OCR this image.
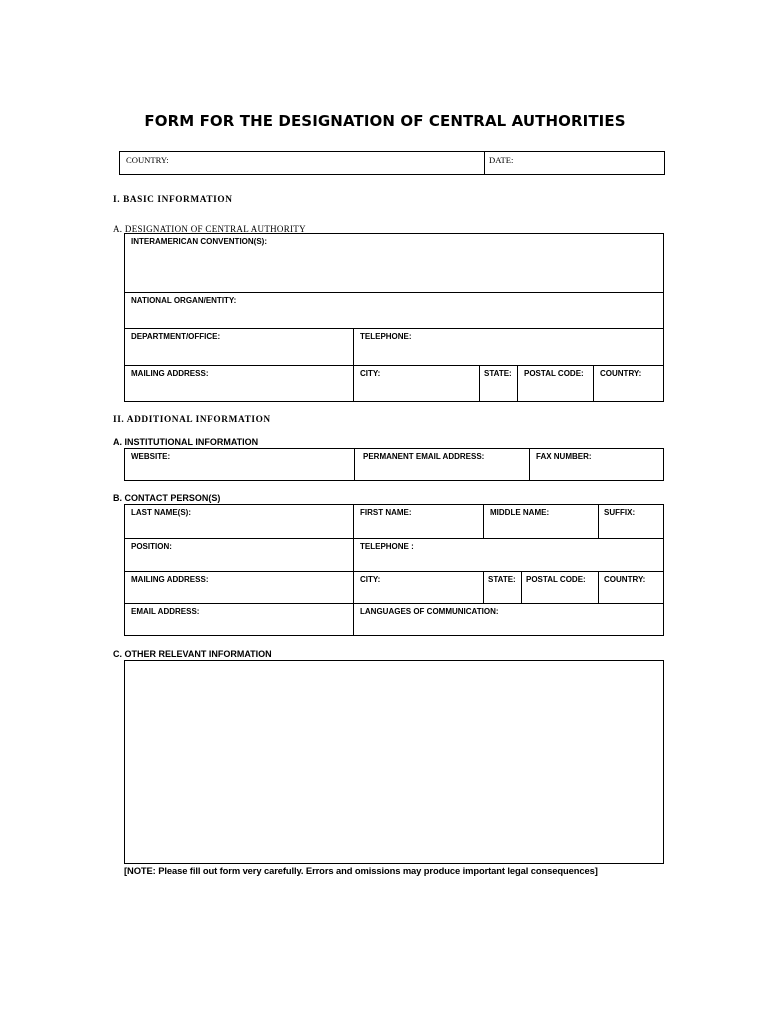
FORM FOR THE DESIGNATION OF CENTRAL AUTHORITIES
COUNTRY:	DATE:
I. BASIC INFORMATION
A. DESIGNATION OF CENTRAL AUTHORITY
INTERAMERICAN CONVENTION(S):				

NATIONAL ORGAN/ENTITY:				

DEPARTMENT/OFFICE:	TELEPHONE:			

MAILING ADDRESS:	CITY:	STATE:	POSTAL CODE:	COUNTRY:
II. ADDITIONAL INFORMATION
A. INSTITUTIONAL INFORMATION
WEBSITE:	PERMANENT EMAIL ADDRESS:	FAX NUMBER:
B. CONTACT PERSON(S)
LAST NAME(S):	FIRST NAME:	MIDDLE NAME:		SUFFIX:

POSITION:	TELEPHONE :			

MAILING ADDRESS:	CITY:	STATE:	POSTAL CODE:	COUNTRY:

EMAIL ADDRESS:	LANGUAGES OF COMMUNICATION:			
C. OTHER RELEVANT INFORMATION
[NOTE: Please fill out form very carefully. Errors and omissions may produce important legal consequences]
